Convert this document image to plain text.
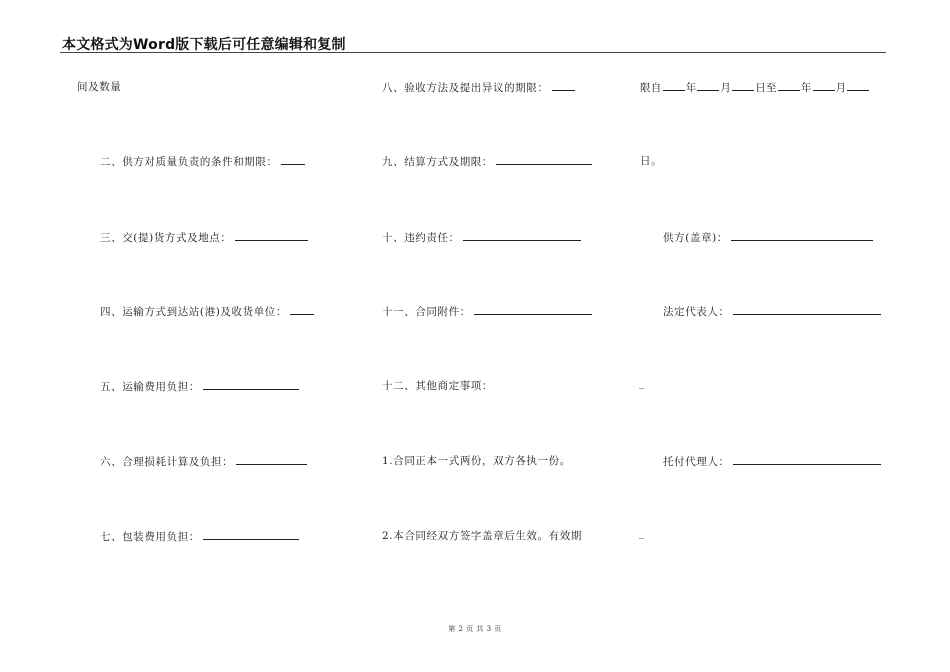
本文格式为Word版下载后可任意编辑和复制
间及数量
二、供方对质量负责的条件和期限：
三、交(提)货方式及地点：
四、运输方式到达站(港)及收货单位：
五、运输费用负担：
六、合理损耗计算及负担：
七、包装费用负担：
八、验收方法及提出异议的期限：
九、结算方式及期限：
十、违约责任：
十一、合同附件：
十二、其他商定事项：
1.合同正本一式两份，双方各执一份。
2.本合同经双方签字盖章后生效。有效期
限自 年 月 日至 年 月
日。
供方(盖章)：
法定代表人：
_
托付代理人：
_
第 2 页 共 3 页
